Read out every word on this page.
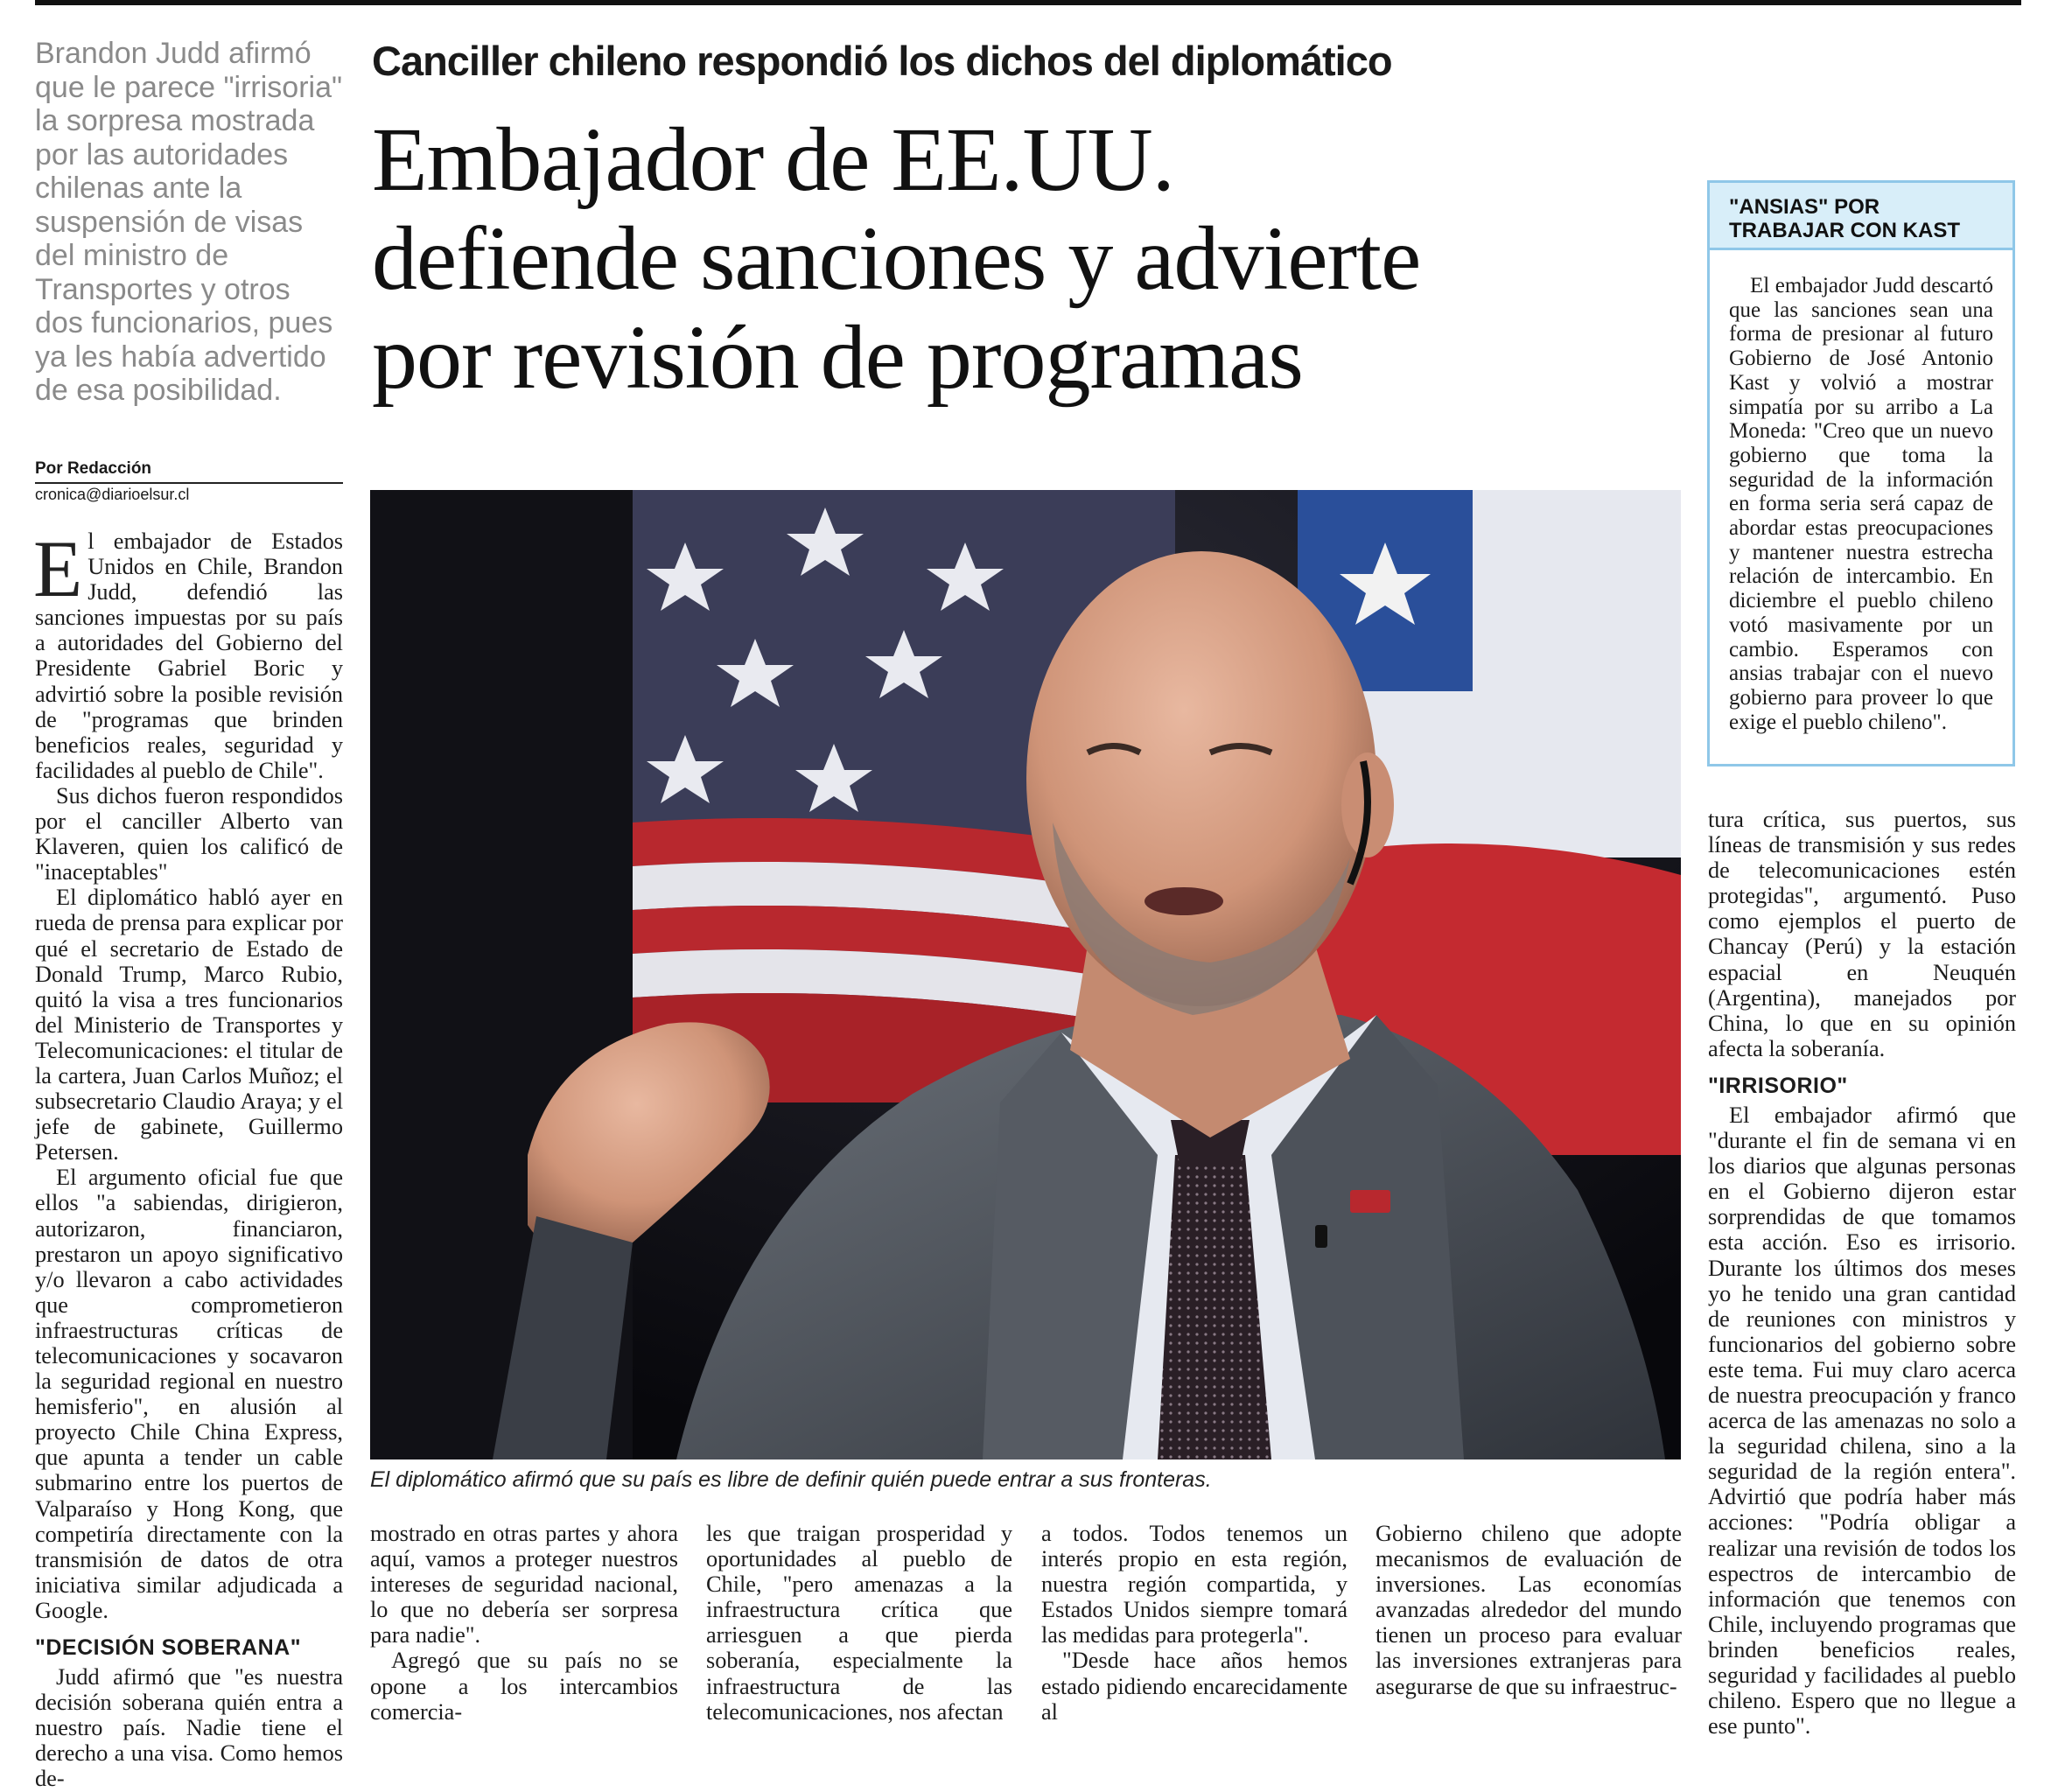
Brandon Judd afirmó que le parece "irrisoria" la sorpresa mostrada por las autoridades chilenas ante la suspensión de visas del ministro de Transportes y otros dos funcionarios, pues ya les había advertido de esa posibilidad.
Por Redacción
cronica@diarioelsur.cl
Canciller chileno respondió los dichos del diplomático
Embajador de EE.UU.
defiende sanciones y advierte
por revisión de programas
El diplomático afirmó que su país es libre de definir quién puede entrar a sus fronteras.
"ANSIAS" POR
TRABAJAR CON KAST
El embajador Judd descartó que las sanciones sean una forma de presionar al futuro Gobierno de José Antonio Kast y volvió a mostrar simpatía por su arribo a La Moneda: "Creo que un nuevo gobierno que toma la seguridad de la información en forma seria será capaz de abordar estas preocupaciones y mantener nuestra estrecha relación de intercambio. En diciembre el pueblo chileno votó masivamente por un cambio. Esperamos con ansias trabajar con el nuevo gobierno para proveer lo que exige el pueblo chileno".

El embajador de Estados Unidos en Chile, Brandon Judd, defendió las sanciones impuestas por su país a autoridades del Gobierno del Presidente Gabriel Boric y advirtió sobre la posible revisión de "programas que brinden beneficios reales, seguridad y facilidades al pueblo de Chile".

Sus dichos fueron respondidos por el canciller Alberto van Klaveren, quien los calificó de "inaceptables"

El diplomático habló ayer en rueda de prensa para explicar por qué el secretario de Estado de Donald Trump, Marco Rubio, quitó la visa a tres funcionarios del Ministerio de Transportes y Telecomunicaciones: el titular de la cartera, Juan Carlos Muñoz; el subsecretario Claudio Araya; y el jefe de gabinete, Guillermo Petersen.

El argumento oficial fue que ellos "a sabiendas, dirigieron, autorizaron, financiaron, prestaron un apoyo significativo y/o llevaron a cabo actividades que comprometieron infraestructuras críticas de telecomunicaciones y socavaron la seguridad regional en nuestro hemisferio", en alusión al proyecto Chile China Express, que apunta a tender un cable submarino entre los puertos de Valparaíso y Hong Kong, que competiría directamente con la transmisión de datos de otra iniciativa similar adjudicada a Google.

"DECISIÓN SOBERANA"

Judd afirmó que "es nuestra decisión soberana quién entra a nuestro país. Nadie tiene el derecho a una visa. Como hemos de-

mostrado en otras partes y ahora aquí, vamos a proteger nuestros intereses de seguridad nacional, lo que no debería ser sorpresa para nadie".

Agregó que su país no se opone a los intercambios comercia-

les que traigan prosperidad y oportunidades al pueblo de Chile, "pero amenazas a la infraestructura crítica que arriesguen a que pierda soberanía, especialmente la infraestructura de las telecomunicaciones, nos afectan

a todos. Todos tenemos un interés propio en esta región, nuestra región compartida, y Estados Unidos siempre tomará las medidas para protegerla".

"Desde hace años hemos estado pidiendo encarecidamente al

Gobierno chileno que adopte mecanismos de evaluación de inversiones. Las economías avanzadas alrededor del mundo tienen un proceso para evaluar las inversiones extranjeras para asegurarse de que su infraestruc-

tura crítica, sus puertos, sus líneas de transmisión y sus redes de telecomunicaciones estén protegidas", argumentó. Puso como ejemplos el puerto de Chancay (Perú) y la estación espacial en Neuquén (Argentina), manejados por China, lo que en su opinión afecta la soberanía.

"IRRISORIO"

El embajador afirmó que "durante el fin de semana vi en los diarios que algunas personas en el Gobierno dijeron estar sorprendidas de que tomamos esta acción. Eso es irrisorio. Durante los últimos dos meses yo he tenido una gran cantidad de reuniones con ministros y funcionarios del gobierno sobre este tema. Fui muy claro acerca de nuestra preocupación y franco acerca de las amenazas no solo a la seguridad chilena, sino a la seguridad de la región entera". Advirtió que podría haber más acciones: "Podría obligar a realizar una revisión de todos los espectros de intercambio de información que tenemos con Chile, incluyendo programas que brinden beneficios reales, seguridad y facilidades al pueblo chileno. Espero que no llegue a ese punto".
